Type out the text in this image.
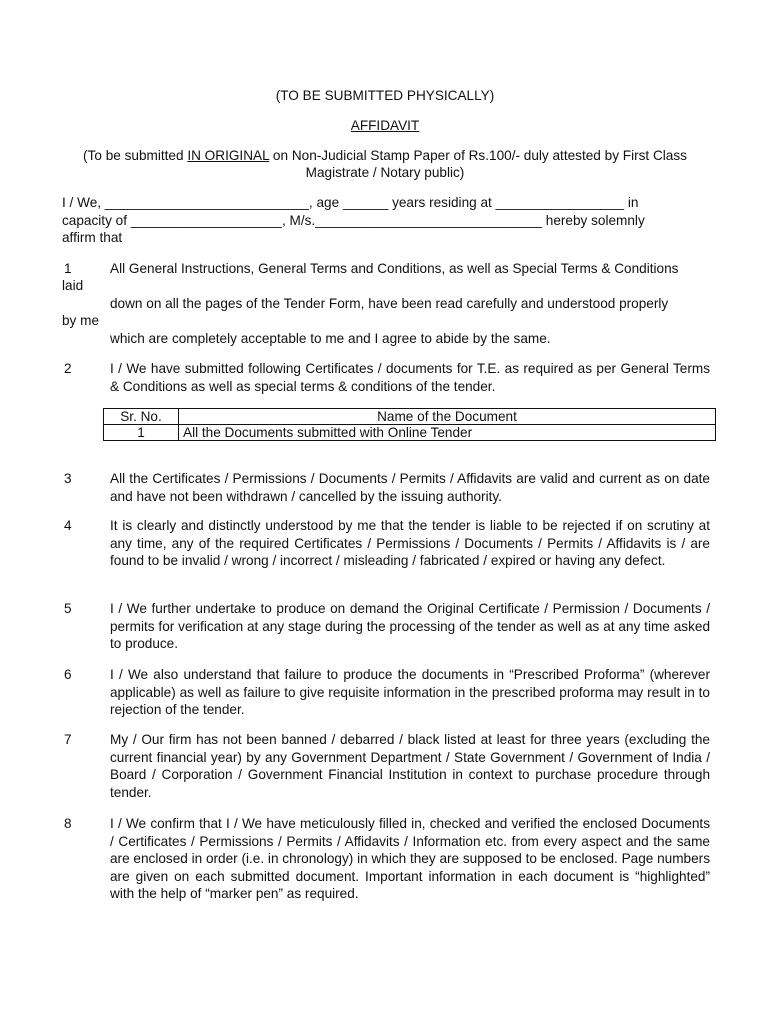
(TO BE SUBMITTED PHYSICALLY)
AFFIDAVIT
(To be submitted IN ORIGINAL on Non-Judicial Stamp Paper of Rs.100/- duly attested by First Class
Magistrate / Notary public)
I / We, ___________________________, age ______ years residing at _________________ in
capacity of ____________________, M/s.______________________________ hereby solemnly
affirm that
1	All General Instructions, General Terms and Conditions, as well as Special Terms & Conditions
laid
down on all the pages of the Tender Form, have been read carefully and understood properly
by me
which are completely acceptable to me and I agree to abide by the same.
2	I / We have submitted following Certificates / documents for T.E. as required as per General Terms & Conditions as well as special terms & conditions of the tender.

Sr. No.	Name of the Document
1	All the Documents submitted with Online Tender
3	All the Certificates / Permissions / Documents / Permits / Affidavits are valid and current as on date and have not been withdrawn / cancelled by the issuing authority.

4	It is clearly and distinctly understood by me that the tender is liable to be rejected if on scrutiny at any time, any of the required Certificates / Permissions / Documents / Permits / Affidavits is / are found to be invalid / wrong / incorrect / misleading / fabricated / expired or having any defect.

5	I / We further undertake to produce on demand the Original Certificate / Permission / Documents / permits for verification at any stage during the processing of the tender as well as at any time asked to produce.

6	I / We also understand that failure to produce the documents in “Prescribed Proforma” (wherever applicable) as well as failure to give requisite information in the prescribed proforma may result in to rejection of the tender.

7	My / Our firm has not been banned / debarred / black listed at least for three years (excluding the current financial year) by any Government Department / State Government / Government of India / Board / Corporation / Government Financial Institution in context to purchase procedure through tender.

8	I / We confirm that I / We have meticulously filled in, checked and verified the enclosed Documents / Certificates / Permissions / Permits / Affidavits / Information etc. from every aspect and the same are enclosed in order (i.e. in chronology) in which they are supposed to be enclosed. Page numbers are given on each submitted document. Important information in each document is “highlighted” with the help of “marker pen” as required.
